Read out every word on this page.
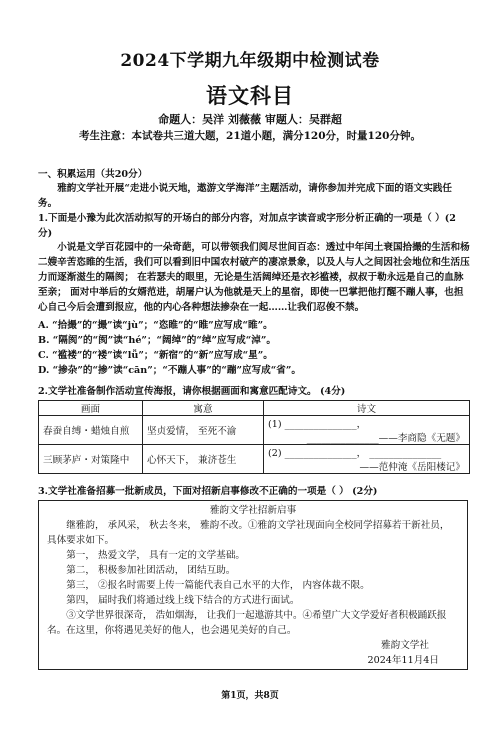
2024下学期九年级期中检测试卷
语文科目
命题人：吴洋 刘薇薇 审题人：吴群超
考生注意：本试卷共三道大题，21道小题，满分120分，时量120分钟。
一、积累运用（共20分）
雅韵文学社开展“走进小说天地，遨游文学海洋”主题活动，请你参加并完成下面的语文实践任务。
1.下面是小豫为此次活动拟写的开场白的部分内容，对加点字读音或字形分析正确的一项是（ ）(2分)
小说是文学百花园中的一朵奇葩，可以带领我们阅尽世间百态：透过中年闰土衰国拾撮的生活和杨二嫂辛苦恣睢的生活，我们可以看到旧中国农村破产的凄凉景象，以及人与人之间因社会地位和生活压力而逐渐滋生的隔阂； 在若瑟夫的眼里，无论是生活阔绰还是衣衫褴褛，叔叔于勒永远是自己的血脉至亲； 面对中举后的女婿范进，胡屠户认为他就是天上的星宿，即使一巴掌把他打醒不蹦人事，也担心自己今后会遭到报应，他的内心各种想法掺杂在一起……让我们忍俊不禁。
A. “拾撮”的“撮”读“jù”；“恣睢”的“睢”应写成“睢”。
B. “隔阂”的“阂”读“hé”；“阔绰”的“绰”应写成“淖”。
C. “褴褛”的“褛”读“lǚ”；“新宿”的“新”应写成“星”。
D. “掺杂”的“掺”读“cān”；“不蹦人事”的“蹦”应写成“省”。
2.文学社准备制作活动宣传海报，请你根据画面和寓意匹配诗文。 (4分)
画面	寓意	诗文
春蚕自缚・蜡烛自煎	坚贞爱情， 至死不渝	(1) _______________，
_______________——李商隐《无题》

三顾茅庐・对策隆中	心怀天下， 兼济苍生	(2) _______________， _______________
——范仲淹《岳阳楼记》
3.文学社准备招募一批新成员，下面对招新启事修改不正确的一项是（ ） (2分)
雅韵文学社招新启事
继雅韵， 承风采， 秋去冬来， 雅韵不改。①雅韵文学社现面向全校同学招募若干新社员，具体要求如下。
第一， 热爱文学， 具有一定的文学基础。
第二， 积极参加社团活动， 团结互助。
第三， ②报名时需要上传一篇能代表自己水平的大作， 内容体裁不限。
第四， 届时我们将通过线上线下结合的方式进行面试。
③文学世界很深奇， 浩如烟海， 让我们一起遨游其中。④希望广大文学爱好者积极踊跃报名。在这里，你将遇见美好的他人，也会遇见美好的自己。
雅韵文学社
2024年11月4日
第1页，共8页
